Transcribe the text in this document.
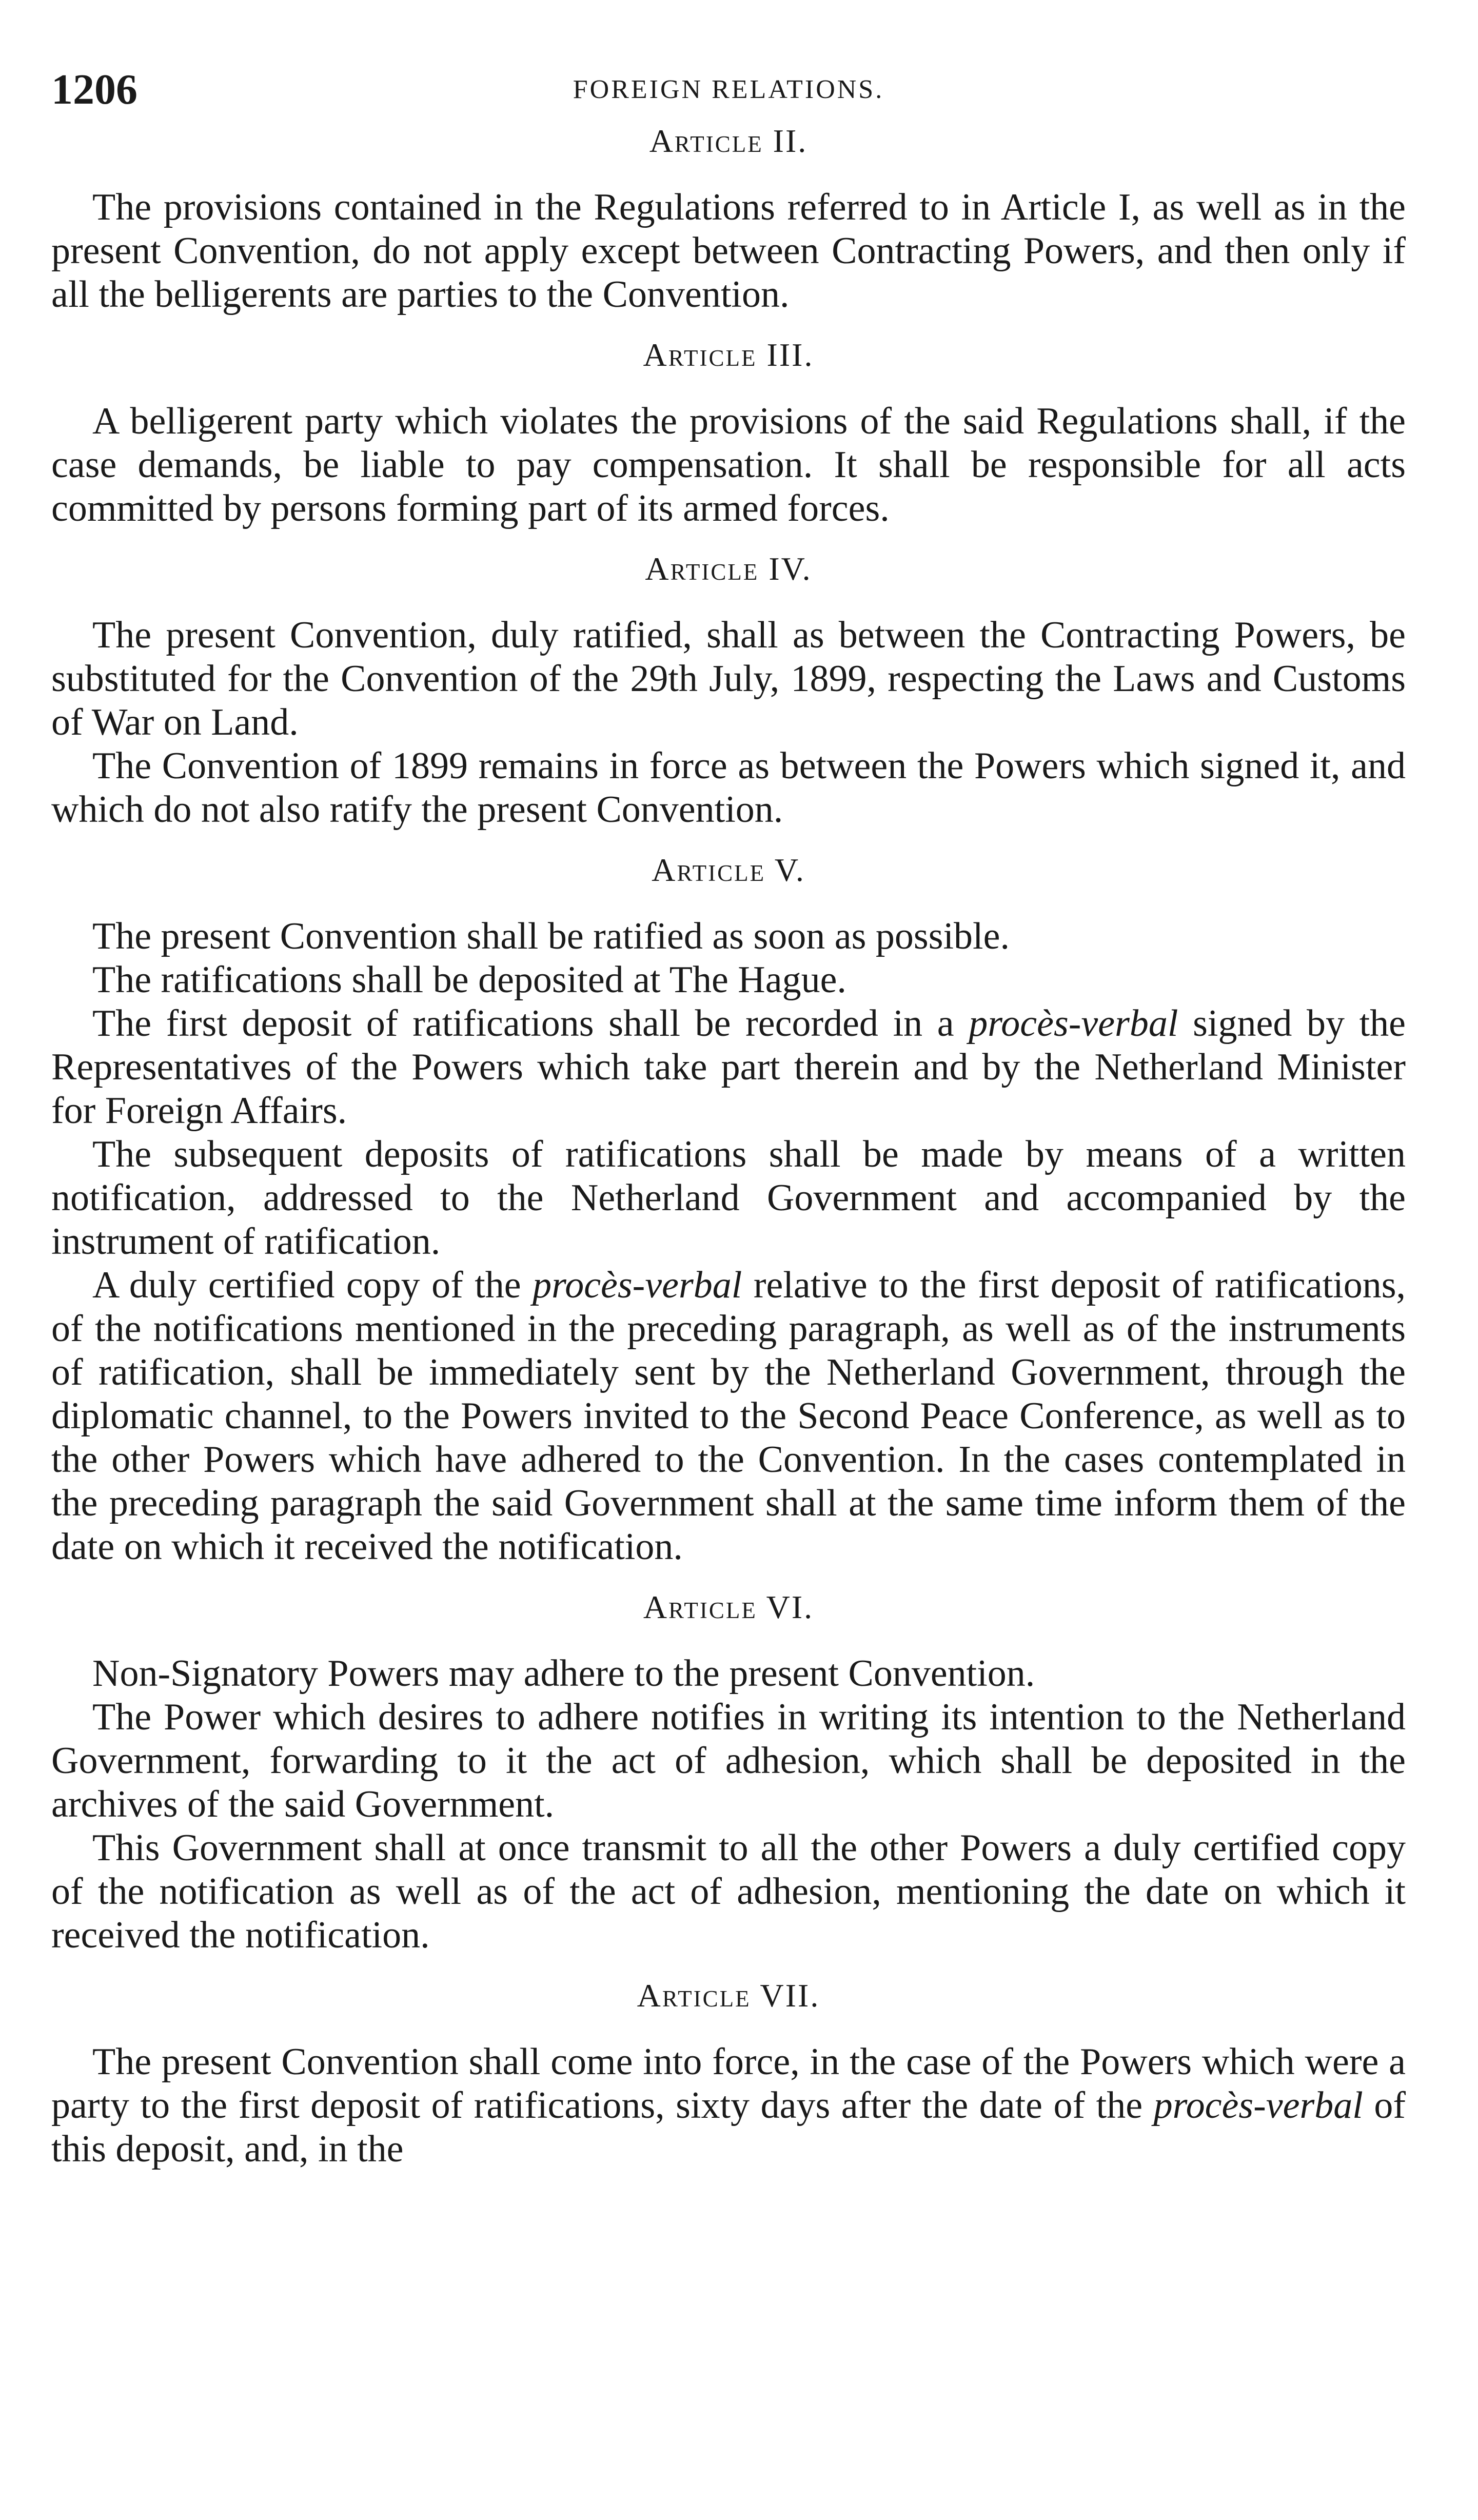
1206	FOREIGN RELATIONS.
Article II.

The provisions contained in the Regulations referred to in Article I, as well as in the present Convention, do not apply except between Contracting Powers, and then only if all the belligerents are parties to the Convention.

Article III.

A belligerent party which violates the provisions of the said Regulations shall, if the case demands, be liable to pay compensation. It shall be responsible for all acts committed by persons forming part of its armed forces.

Article IV.

The present Convention, duly ratified, shall as between the Contracting Powers, be substituted for the Convention of the 29th July, 1899, respecting the Laws and Customs of War on Land.

The Convention of 1899 remains in force as between the Powers which signed it, and which do not also ratify the present Convention.

Article V.

The present Convention shall be ratified as soon as possible.

The ratifications shall be deposited at The Hague.

The first deposit of ratifications shall be recorded in a procès-verbal signed by the Representatives of the Powers which take part therein and by the Netherland Minister for Foreign Affairs.

The subsequent deposits of ratifications shall be made by means of a written notification, addressed to the Netherland Government and accompanied by the instrument of ratification.

A duly certified copy of the procès-verbal relative to the first deposit of ratifications, of the notifications mentioned in the preceding paragraph, as well as of the instruments of ratification, shall be immediately sent by the Netherland Government, through the diplomatic channel, to the Powers invited to the Second Peace Conference, as well as to the other Powers which have adhered to the Convention. In the cases contemplated in the preceding paragraph the said Government shall at the same time inform them of the date on which it received the notification.

Article VI.

Non-Signatory Powers may adhere to the present Convention.

The Power which desires to adhere notifies in writing its intention to the Netherland Government, forwarding to it the act of adhesion, which shall be deposited in the archives of the said Government.

This Government shall at once transmit to all the other Powers a duly certified copy of the notification as well as of the act of adhesion, mentioning the date on which it received the notification.

Article VII.

The present Convention shall come into force, in the case of the Powers which were a party to the first deposit of ratifications, sixty days after the date of the procès-verbal of this deposit, and, in the
